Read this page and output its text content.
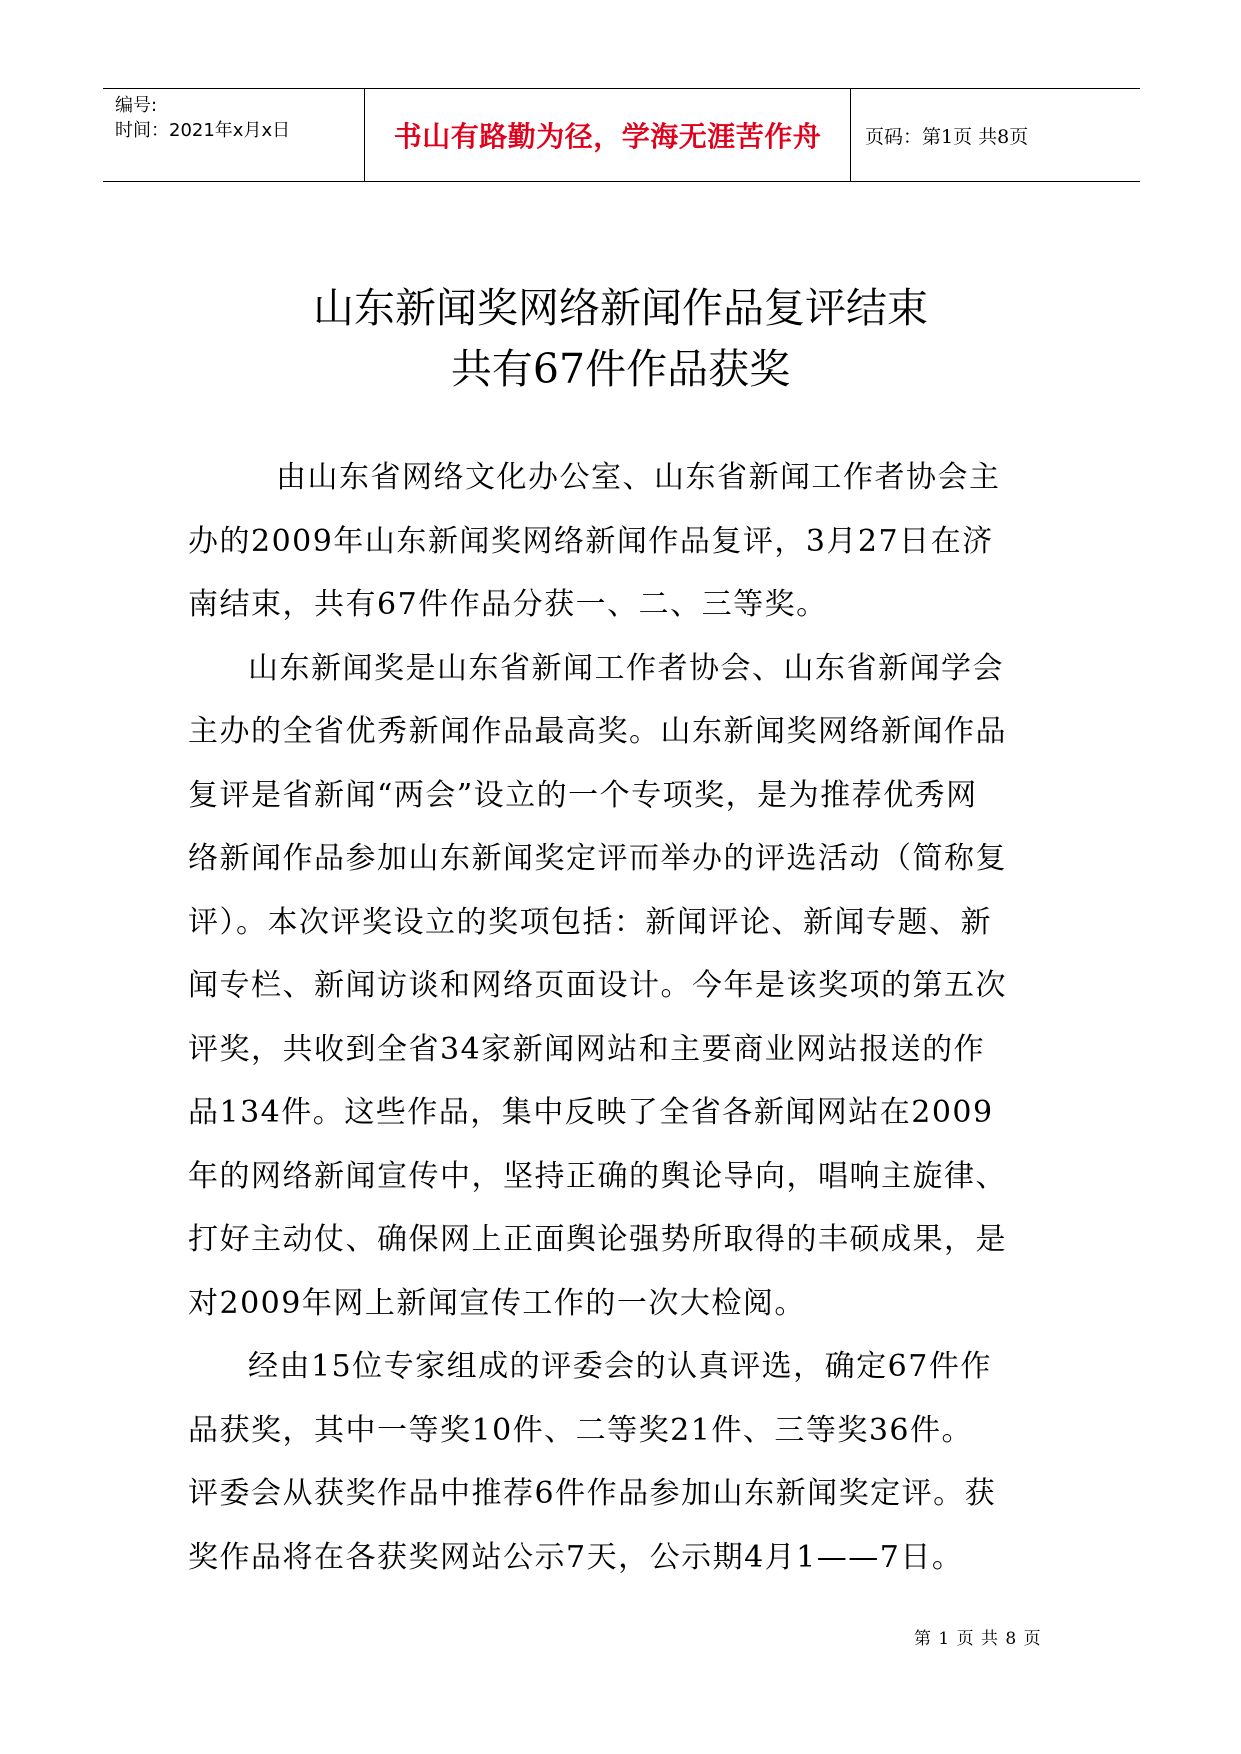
编号:
时间：2021年x月x日	书山有路勤为径，学海无涯苦作舟	页码：第1页 共8页
山东新闻奖网络新闻作品复评结束
共有67件作品获奖
由山东省网络文化办公室、山东省新闻工作者协会主
办的2009年山东新闻奖网络新闻作品复评，3月27日在济
南结束，共有67件作品分获一、二、三等奖。
山东新闻奖是山东省新闻工作者协会、山东省新闻学会
主办的全省优秀新闻作品最高奖。山东新闻奖网络新闻作品
复评是省新闻“两会”设立的一个专项奖，是为推荐优秀网
络新闻作品参加山东新闻奖定评而举办的评选活动（简称复
评）。本次评奖设立的奖项包括：新闻评论、新闻专题、新
闻专栏、新闻访谈和网络页面设计。今年是该奖项的第五次
评奖，共收到全省34家新闻网站和主要商业网站报送的作
品134件。这些作品，集中反映了全省各新闻网站在2009
年的网络新闻宣传中，坚持正确的舆论导向，唱响主旋律、
打好主动仗、确保网上正面舆论强势所取得的丰硕成果，是
对2009年网上新闻宣传工作的一次大检阅。
经由15位专家组成的评委会的认真评选，确定67件作
品获奖，其中一等奖10件、二等奖21件、三等奖36件。
评委会从获奖作品中推荐6件作品参加山东新闻奖定评。获
奖作品将在各获奖网站公示7天，公示期4月1——7日。
第 1 页 共 8 页
